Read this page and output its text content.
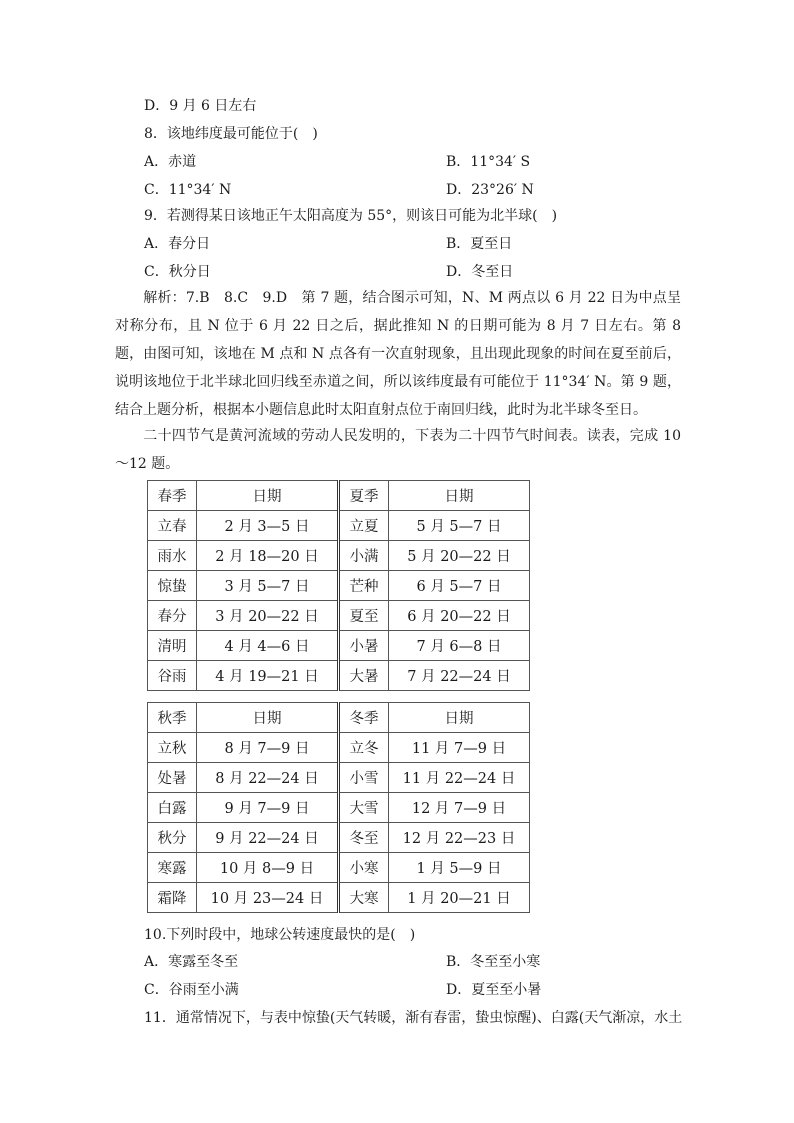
D．9 月 6 日左右
8．该地纬度最可能位于(　)
A．赤道	B．11°34′ S
C．11°34′ N	D．23°26′ N
9．若测得某日该地正午太阳高度为 55°，则该日可能为北半球(　)
A．春分日	B．夏至日
C．秋分日	D．冬至日
解析：7.B　8.C　9.D　第 7 题，结合图示可知，N、M 两点以 6 月 22 日为中点呈对称分布，且 N 位于 6 月 22 日之后，据此推知 N 的日期可能为 8 月 7 日左右。第 8 题，由图可知，该地在 M 点和 N 点各有一次直射现象，且出现此现象的时间在夏至前后，说明该地位于北半球北回归线至赤道之间，所以该纬度最有可能位于 11°34′ N。第 9 题，结合上题分析，根据本小题信息此时太阳直射点位于南回归线，此时为北半球冬至日。
二十四节气是黄河流域的劳动人民发明的，下表为二十四节气时间表。读表，完成 10～12 题。
春季	日期	夏季	日期
立春	2 月 3—5 日	立夏	5 月 5—7 日
雨水	2 月 18—20 日	小满	5 月 20—22 日
惊蛰	3 月 5—7 日	芒种	6 月 5—7 日
春分	3 月 20—22 日	夏至	6 月 20—22 日
清明	4 月 4—6 日	小暑	7 月 6—8 日
谷雨	4 月 19—21 日	大暑	7 月 22—24 日
秋季	日期	冬季	日期
立秋	8 月 7—9 日	立冬	11 月 7—9 日
处暑	8 月 22—24 日	小雪	11 月 22—24 日
白露	9 月 7—9 日	大雪	12 月 7—9 日
秋分	9 月 22—24 日	冬至	12 月 22—23 日
寒露	10 月 8—9 日	小寒	1 月 5—9 日
霜降	10 月 23—24 日	大寒	1 月 20—21 日
10.下列时段中，地球公转速度最快的是(　)
A．寒露至冬至	B．冬至至小寒
C．谷雨至小满	D．夏至至小暑
11．通常情况下，与表中惊蛰(天气转暖，渐有春雷，蛰虫惊醒)、白露(天气渐凉，水土
